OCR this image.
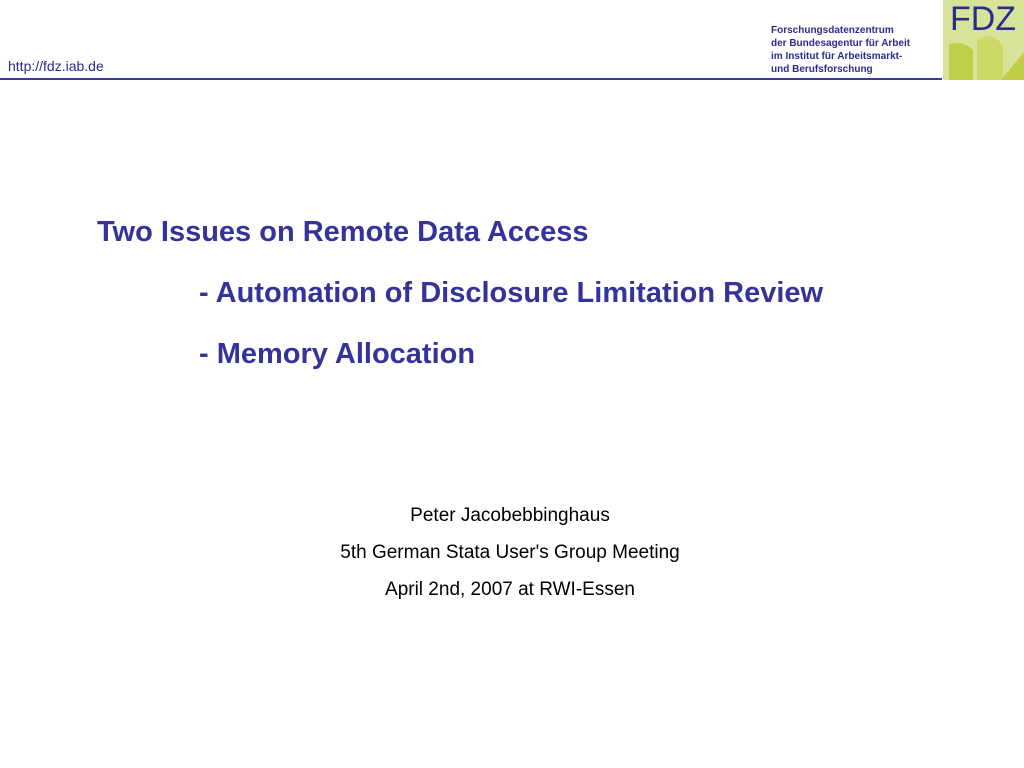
http://fdz.iab.de
Forschungsdatenzentrum
der Bundesagentur für Arbeit
im Institut für Arbeitsmarkt-
und Berufsforschung
FDZ
Two Issues on Remote Data Access
- Automation of Disclosure Limitation Review
- Memory Allocation
Peter Jacobebbinghaus
5th German Stata User's Group Meeting
April 2nd, 2007 at RWI-Essen
